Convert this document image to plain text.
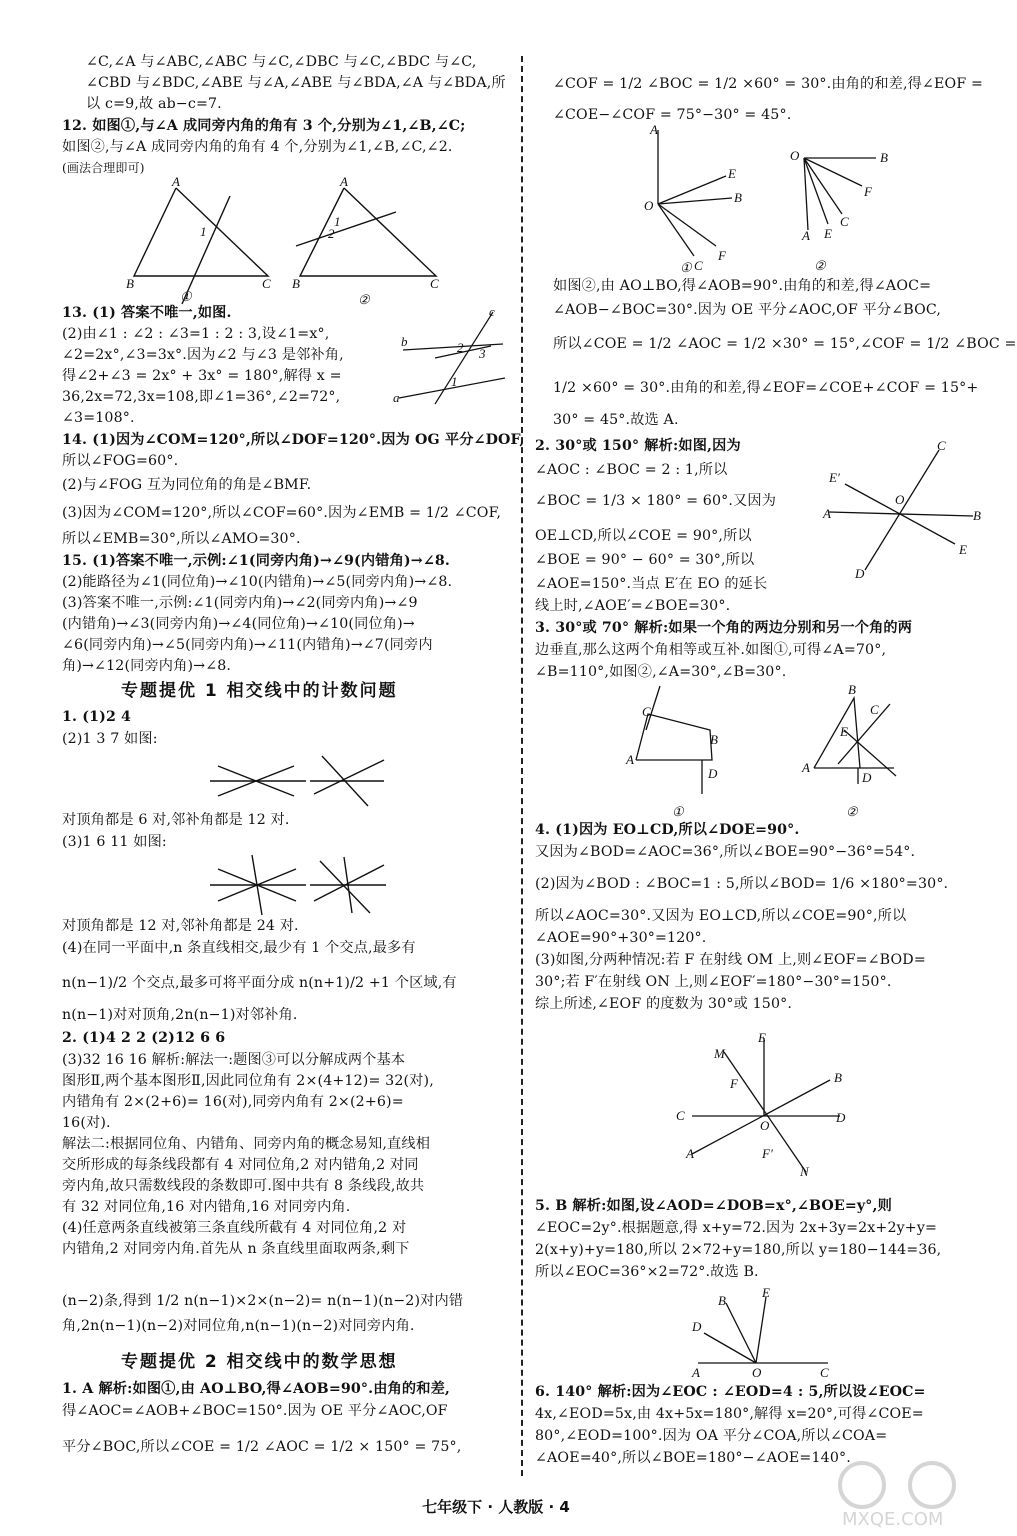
∠C,∠A 与∠ABC,∠ABC 与∠C,∠DBC 与∠C,∠BDC 与∠C,
∠CBD 与∠BDC,∠ABE 与∠A,∠ABE 与∠BDA,∠A 与∠BDA,所
以 c=9,故 ab−c=7.
12. 如图①,与∠A 成同旁内角的角有 3 个,分别为∠1,∠B,∠C;
如图②,与∠A 成同旁内角的角有 4 个,分别为∠1,∠B,∠C,∠2.
(画法合理即可)
13. (1) 答案不唯一,如图.
(2)由∠1 : ∠2 : ∠3=1 : 2 : 3,设∠1=x°,
∠2=2x°,∠3=3x°.因为∠2 与∠3 是邻补角,
得∠2+∠3 = 2x° + 3x° = 180°,解得 x =
36,2x=72,3x=108,即∠1=36°,∠2=72°,
∠3=108°.
14. (1)因为∠COM=120°,所以∠DOF=120°.因为 OG 平分∠DOF,
所以∠FOG=60°.
(2)与∠FOG 互为同位角的角是∠BMF.
(3)因为∠COM=120°,所以∠COF=60°.因为∠EMB = 1/2 ∠COF,
所以∠EMB=30°,所以∠AMO=30°.
15. (1)答案不唯一,示例:∠1(同旁内角)→∠9(内错角)→∠8.
(2)能路径为∠1(同位角)→∠10(内错角)→∠5(同旁内角)→∠8.
(3)答案不唯一,示例:∠1(同旁内角)→∠2(同旁内角)→∠9
(内错角)→∠3(同旁内角)→∠4(同位角)→∠10(同位角)→
∠6(同旁内角)→∠5(同旁内角)→∠11(内错角)→∠7(同旁内
角)→∠12(同旁内角)→∠8.
专题提优 1 相交线中的计数问题
1. (1)2 4
(2)1 3 7 如图:
对顶角都是 6 对,邻补角都是 12 对.
(3)1 6 11 如图:
对顶角都是 12 对,邻补角都是 24 对.
(4)在同一平面中,n 条直线相交,最少有 1 个交点,最多有
n(n−1)/2 个交点,最多可将平面分成 n(n+1)/2 +1 个区域,有
n(n−1)对对顶角,2n(n−1)对邻补角.
2. (1)4 2 2 (2)12 6 6
(3)32 16 16 解析:解法一:题图③可以分解成两个基本
图形Ⅱ,两个基本图形Ⅱ,因此同位角有 2×(4+12)= 32(对),
内错角有 2×(2+6)= 16(对),同旁内角有 2×(2+6)=
16(对).
解法二:根据同位角、内错角、同旁内角的概念易知,直线相
交所形成的每条线段都有 4 对同位角,2 对内错角,2 对同
旁内角,故只需数线段的条数即可.图中共有 8 条线段,故共
有 32 对同位角,16 对内错角,16 对同旁内角.
(4)任意两条直线被第三条直线所截有 4 对同位角,2 对
内错角,2 对同旁内角.首先从 n 条直线里面取两条,剩下
(n−2)条,得到 1/2 n(n−1)×2×(n−2)= n(n−1)(n−2)对内错
角,2n(n−1)(n−2)对同位角,n(n−1)(n−2)对同旁内角.
专题提优 2 相交线中的数学思想
1. A 解析:如图①,由 AO⊥BO,得∠AOB=90°.由角的和差,
得∠AOC=∠AOB+∠BOC=150°.因为 OE 平分∠AOC,OF
平分∠BOC,所以∠COE = 1/2 ∠AOC = 1/2 × 150° = 75°,
A
B	C
1
①
A
B	C
1
2
②
b
a
c
1
2 3
∠COF = 1/2 ∠BOC = 1/2 ×60° = 30°.由角的和差,得∠EOF =
∠COE−∠COF = 75°−30° = 45°.
如图②,由 AO⊥BO,得∠AOB=90°.由角的和差,得∠AOC=
∠AOB−∠BOC=30°.因为 OE 平分∠AOC,OF 平分∠BOC,
所以∠COE = 1/2 ∠AOC = 1/2 ×30° = 15°,∠COF = 1/2 ∠BOC =
1/2 ×60° = 30°.由角的和差,得∠EOF=∠COE+∠COF = 15°+
30° = 45°.故选 A.
2. 30°或 150° 解析:如图,因为
∠AOC : ∠BOC = 2 : 1,所以
∠BOC = 1/3 × 180° = 60°.又因为
OE⊥CD,所以∠COE = 90°,所以
∠BOE = 90° − 60° = 30°,所以
∠AOE=150°.当点 E′在 EO 的延长
线上时,∠AOE′=∠BOE=30°.
3. 30°或 70° 解析:如果一个角的两边分别和另一个角的两
边垂直,那么这两个角相等或互补.如图①,可得∠A=70°,
∠B=110°,如图②,∠A=30°,∠B=30°.
4. (1)因为 EO⊥CD,所以∠DOE=90°.
又因为∠BOD=∠AOC=36°,所以∠BOE=90°−36°=54°.
(2)因为∠BOD : ∠BOC=1 : 5,所以∠BOD= 1/6 ×180°=30°.
所以∠AOC=30°.又因为 EO⊥CD,所以∠COE=90°,所以
∠AOE=90°+30°=120°.
(3)如图,分两种情况:若 F 在射线 OM 上,则∠EOF=∠BOD=
30°;若 F′在射线 ON 上,则∠EOF′=180°−30°=150°.
综上所述,∠EOF 的度数为 30°或 150°.
5. B 解析:如图,设∠AOD=∠DOB=x°,∠BOE=y°,则
∠EOC=2y°.根据题意,得 x+y=72.因为 2x+3y=2x+2y+y=
2(x+y)+y=180,所以 2×72+y=180,所以 y=180−144=36,
所以∠EOC=36°×2=72°.故选 B.
6. 140° 解析:因为∠EOC : ∠EOD=4 : 5,所以设∠EOC=
4x,∠EOD=5x,由 4x+5x=180°,解得 x=20°,可得∠COE=
80°,∠EOD=100°.因为 OA 平分∠COA,所以∠COA=
∠AOE=40°,所以∠BOE=180°−∠AOE=140°.
A
O
E
B
F
C
①
O	B
F
C
E
A
②
C
E′
A
O
B
E
D
C
B
A
D
①
B
C
E
A
D
②
M
E
B
F
C
O
D
A	F′
N
B
E
D
A	O	C
七年级下 · 人教版 · 4
MXQE.COM
